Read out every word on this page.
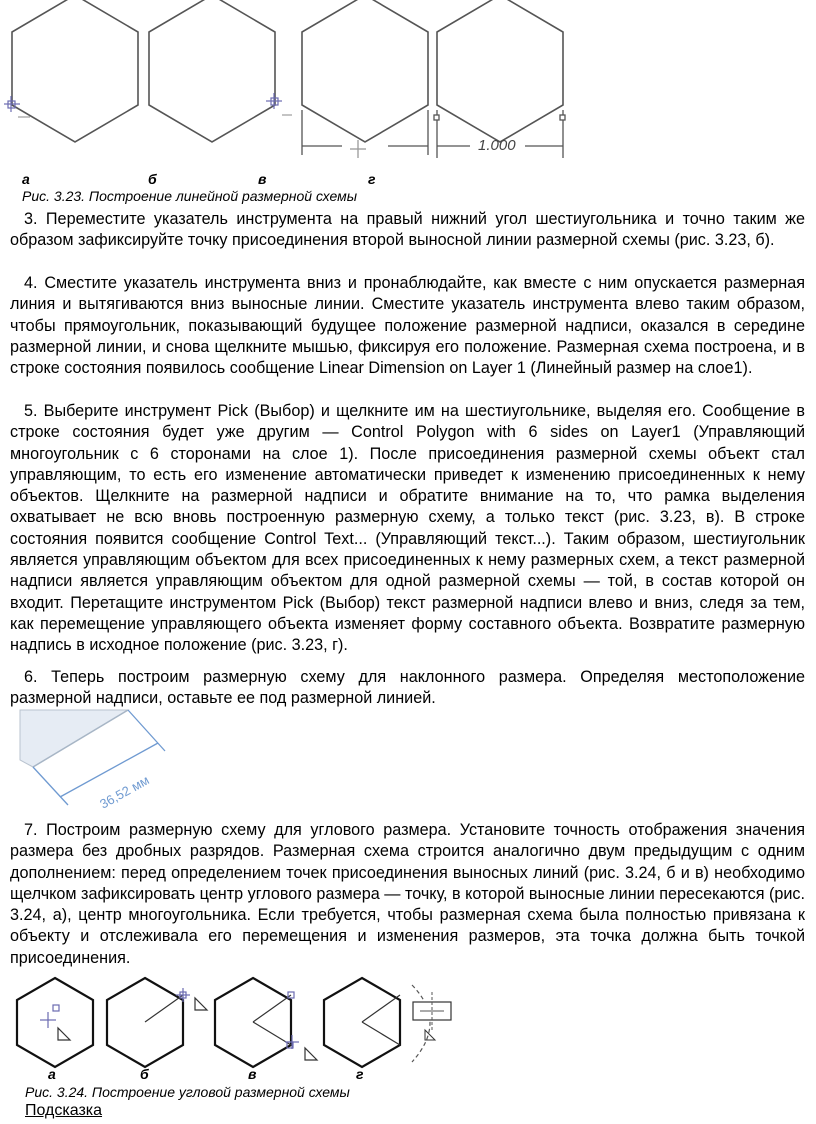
1.000
а	б	в	г
Рис. 3.23. Построение линейной размерной схемы
3. Переместите указатель инструмента на правый нижний угол шестиугольника и точно таким же образом зафиксируйте точку присоединения второй выносной линии размерной схемы (рис. 3.23, б).
4. Сместите указатель инструмента вниз и пронаблюдайте, как вместе с ним опускается размерная линия и вытягиваются вниз выносные линии. Сместите указатель инструмента влево таким образом, чтобы прямоугольник, показывающий будущее положение размерной надписи, оказался в середине размерной линии, и снова щелкните мышью, фиксируя его положение. Размерная схема построена, и в строке состояния появилось сообщение Linear Dimension on Layer 1 (Линейный размер на слое1).
5. Выберите инструмент Pick (Выбор) и щелкните им на шестиугольнике, выделяя его. Сообщение в строке состояния будет уже другим — Control Polygon with 6 sides on Layer1 (Управляющий многоугольник с 6 сторонами на слое 1). После присоединения размерной схемы объект стал управляющим, то есть его изменение автоматически приведет к изменению присоединенных к нему объектов. Щелкните на размерной надписи и обратите внимание на то, что рамка выделения охватывает не всю вновь построенную размерную схему, а только текст (рис. 3.23, в). В строке состояния появится сообщение Control Text... (Управляющий текст...). Таким образом, шестиугольник является управляющим объектом для всех присоединенных к нему размерных схем, а текст размерной надписи является управляющим объектом для одной размерной схемы — той, в состав которой он входит. Перетащите инструментом Pick (Выбор) текст размерной надписи влево и вниз, следя за тем, как перемещение управляющего объекта изменяет форму составного объекта. Возвратите размерную надпись в исходное положение (рис. 3.23, г).
6. Теперь построим размерную схему для наклонного размера. Определяя местоположение размерной надписи, оставьте ее под размерной линией.
36,52 мм
7. Построим размерную схему для углового размера. Установите точность отображения значения размера без дробных разрядов. Размерная схема строится аналогично двум предыдущим с одним дополнением: перед определением точек присоединения выносных линий (рис. 3.24, б и в) необходимо щелчком зафиксировать центр углового размера — точку, в которой выносные линии пересекаются (рис. 3.24, а), центр многоугольника. Если требуется, чтобы размерная схема была полностью привязана к объекту и отслеживала его перемещения и изменения размеров, эта точка должна быть точкой присоединения.
а	б	в	г
Рис. 3.24. Построение угловой размерной схемы
Подсказка
